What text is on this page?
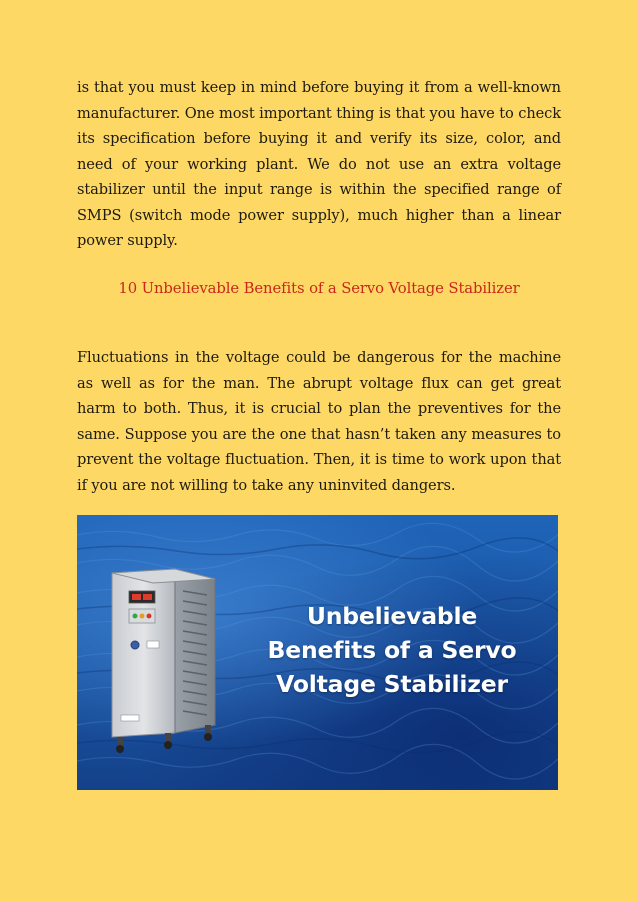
is that you must keep in mind before buying it from a well-known manufacturer. One most important thing is that you have to check its specification before buying it and verify its size, color, and need of your working plant. We do not use an extra voltage stabilizer until the input range is within the specified range of SMPS (switch mode power supply), much higher than a linear power supply.

10 Unbelievable Benefits of a Servo Voltage Stabilizer

Fluctuations in the voltage could be dangerous for the machine as well as for the man. The abrupt voltage flux can get great harm to both. Thus, it is crucial to plan the preventives for the same. Suppose you are the one that hasn’t taken any measures to prevent the voltage fluctuation. Then, it is time to work upon that if you are not willing to take any uninvited dangers.

Unbelievable
Benefits of a Servo
Voltage Stabilizer
